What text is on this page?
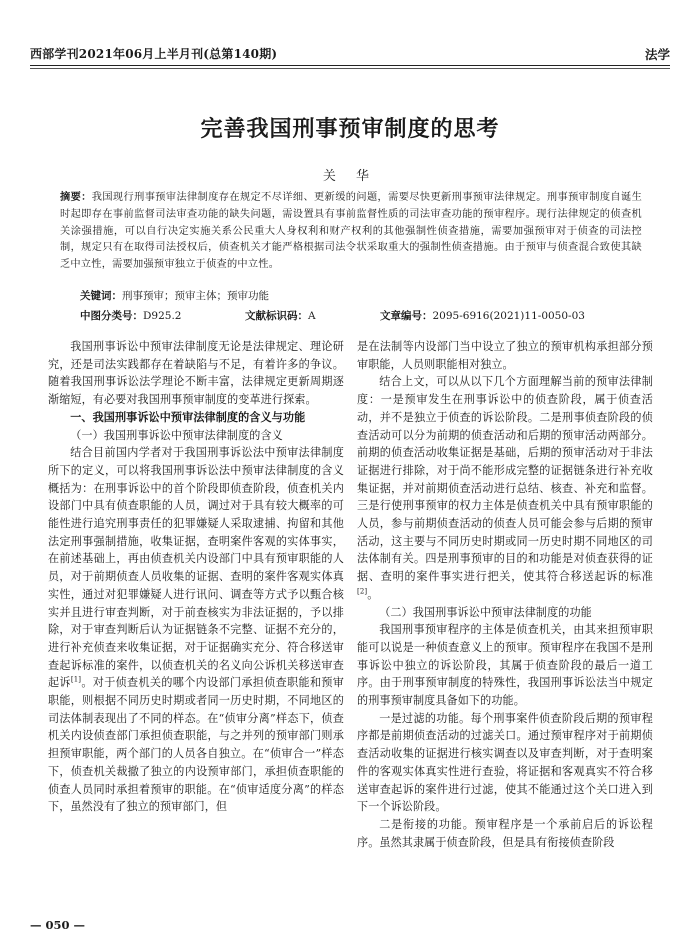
西部学刊2021年06月上半月刊(总第140期)	法学
完善我国刑事预审制度的思考
关 华
摘要：我国现行刑事预审法律制度存在规定不尽详细、更新缓的问题，需要尽快更新刑事预审法律规定。刑事预审制度自诞生时起即存在事前监督司法审查功能的缺失问题，需设置具有事前监督性质的司法审查功能的预审程序。现行法律规定的侦查机关涂强措施，可以自行决定实施关系公民重大人身权利和财产权利的其他强制性侦查措施，需要加强预审对于侦查的司法控制，规定只有在取得司法授权后，侦查机关才能严格根据司法令状采取重大的强制性侦查措施。由于预审与侦查混合致使其缺乏中立性，需要加强预审独立于侦查的中立性。
关键词：刑事预审；预审主体；预审功能
中图分类号：D925.2	文献标识码：A	文章编号：2095-6916(2021)11-0050-03

我国刑事诉讼中预审法律制度无论是法律规定、理论研究，还是司法实践都存在着缺陷与不足，有着许多的争议。随着我国刑事诉讼法学理论不断丰富，法律规定更新周期逐渐缩短，有必要对我国刑事预审制度的变革进行探索。

一、我国刑事诉讼中预审法律制度的含义与功能
（一）我国刑事诉讼中预审法律制度的含义

结合目前国内学者对于我国刑事诉讼法中预审法律制度所下的定义，可以将我国刑事诉讼法中预审法律制度的含义概括为：在刑事诉讼中的首个阶段即侦查阶段，侦查机关内设部门中具有侦查职能的人员，调过对于具有较大概率的可能性进行追究刑事责任的犯罪嫌疑人采取逮捕、拘留和其他法定刑事强制措施，收集证据，查明案件客观的实体事实，在前述基础上，再由侦查机关内设部门中具有预审职能的人员，对于前期侦查人员收集的证据、查明的案件客观实体真实性，通过对犯罪嫌疑人进行讯问、调查等方式予以甄合核实并且进行审查判断，对于前查核实为非法证据的，予以排除，对于审查判断后认为证据链条不完整、证据不充分的，进行补充侦查来收集证据，对于证据确实充分、符合移送审查起诉标准的案件，以侦查机关的名义向公诉机关移送审查起诉[1]。对于侦查机关的哪个内设部门承担侦查职能和预审职能，则根据不同历史时期或者同一历史时期，不同地区的司法体制表现出了不同的样态。在“侦审分离”样态下，侦查机关内设侦查部门承担侦查职能，与之并列的预审部门则承担预审职能，两个部门的人员各自独立。在“侦审合一”样态下，侦查机关裁撤了独立的内设预审部门，承担侦查职能的侦查人员同时承担着预审的职能。在“侦审适度分离”的样态下，虽然没有了独立的预审部门，但

是在法制等内设部门当中设立了独立的预审机构承担部分预审职能，人员则职能相对独立。

结合上文，可以从以下几个方面理解当前的预审法律制度：一是预审发生在刑事诉讼中的侦查阶段，属于侦查活动，并不是独立于侦查的诉讼阶段。二是刑事侦查阶段的侦查活动可以分为前期的侦查活动和后期的预审活动两部分。前期的侦查活动收集证据是基础，后期的预审活动对于非法证据进行排除，对于尚不能形成完整的证据链条进行补充收集证据，并对前期侦查活动进行总结、核查、补充和监督。三是行使刑事预审的权力主体是侦查机关中具有预审职能的人员，参与前期侦查活动的侦查人员可能会参与后期的预审活动，这主要与不同历史时期或同一历史时期不同地区的司法体制有关。四是刑事预审的目的和功能是对侦查获得的证据、查明的案件事实进行把关，使其符合移送起诉的标准[2]。

（二）我国刑事诉讼中预审法律制度的功能

我国刑事预审程序的主体是侦查机关，由其来担预审职能可以说是一种侦查意义上的预审。预审程序在我国不是刑事诉讼中独立的诉讼阶段，其属于侦查阶段的最后一道工序。由于刑事预审制度的特殊性，我国刑事诉讼法当中规定的刑事预审制度具备如下的功能。

一是过滤的功能。每个刑事案件侦查阶段后期的预审程序都是前期侦查活动的过滤关口。通过预审程序对于前期侦查活动收集的证据进行核实调查以及审查判断，对于查明案件的客观实体真实性进行查验，将证据和客观真实不符合移送审查起诉的案件进行过滤，使其不能通过这个关口进入到下一个诉讼阶段。

二是衔接的功能。预审程序是一个承前启后的诉讼程序。虽然其隶属于侦查阶段，但是具有衔接侦查阶段

— 050 —
